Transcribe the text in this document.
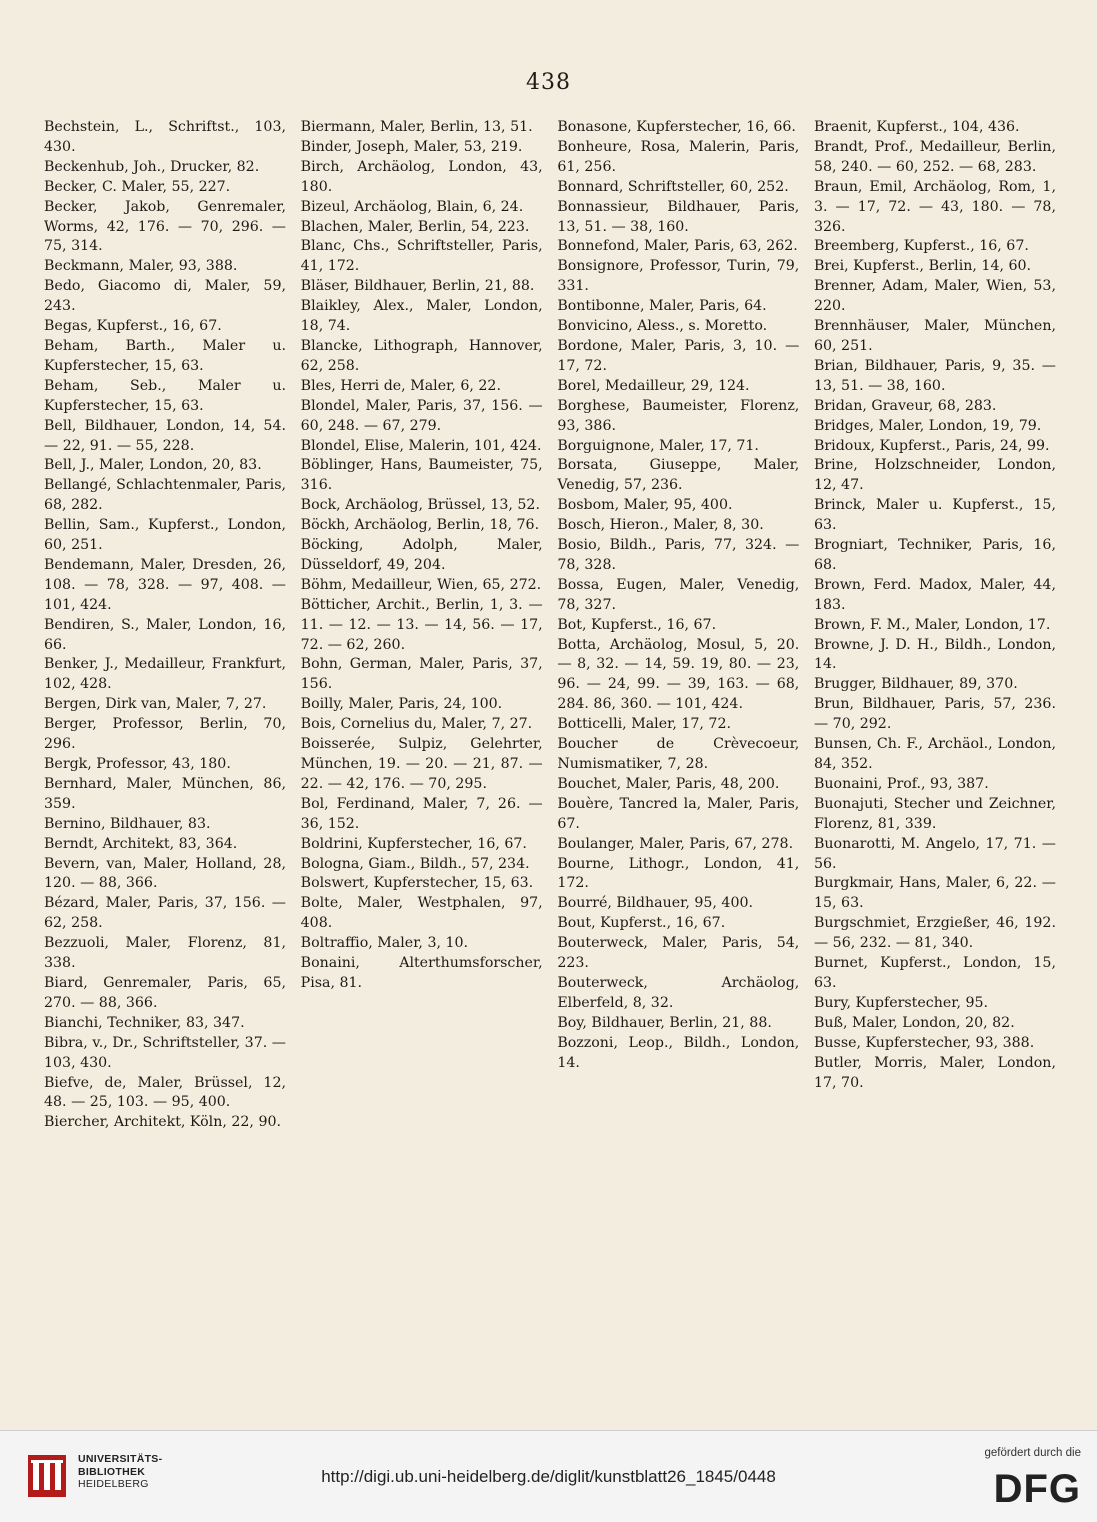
438
Bechstein, L., Schriftst., 103, 430.
Beckenhub, Joh., Drucker, 82.
Becker, C. Maler, 55, 227.
Becker, Jakob, Genremaler, Worms, 42, 176. — 70, 296. — 75, 314.
Beckmann, Maler, 93, 388.
Bedo, Giacomo di, Maler, 59, 243.
Begas, Kupferst., 16, 67.
Beham, Barth., Maler u. Kupferstecher, 15, 63.
Beham, Seb., Maler u. Kupferstecher, 15, 63.
Bell, Bildhauer, London, 14, 54. — 22, 91. — 55, 228.
Bell, J., Maler, London, 20, 83.
Bellangé, Schlachtenmaler, Paris, 68, 282.
Bellin, Sam., Kupferst., London, 60, 251.
Bendemann, Maler, Dresden, 26, 108. — 78, 328. — 97, 408. — 101, 424.
Bendiren, S., Maler, London, 16, 66.
Benker, J., Medailleur, Frankfurt, 102, 428.
Bergen, Dirk van, Maler, 7, 27.
Berger, Professor, Berlin, 70, 296.
Bergk, Professor, 43, 180.
Bernhard, Maler, München, 86, 359.
Bernino, Bildhauer, 83.
Berndt, Architekt, 83, 364.
Bevern, van, Maler, Holland, 28, 120. — 88, 366.
Bézard, Maler, Paris, 37, 156. — 62, 258.
Bezzuoli, Maler, Florenz, 81, 338.
Biard, Genremaler, Paris, 65, 270. — 88, 366.
Bianchi, Techniker, 83, 347.
Bibra, v., Dr., Schriftsteller, 37. — 103, 430.
Biefve, de, Maler, Brüssel, 12, 48. — 25, 103. — 95, 400.
Biercher, Architekt, Köln, 22, 90.
Biermann, Maler, Berlin, 13, 51.
Binder, Joseph, Maler, 53, 219.
Birch, Archäolog, London, 43, 180.
Bizeul, Archäolog, Blain, 6, 24.
Blachen, Maler, Berlin, 54, 223.
Blanc, Chs., Schriftsteller, Paris, 41, 172.
Bläser, Bildhauer, Berlin, 21, 88.
Blaikley, Alex., Maler, London, 18, 74.
Blancke, Lithograph, Hannover, 62, 258.
Bles, Herri de, Maler, 6, 22.
Blondel, Maler, Paris, 37, 156. — 60, 248. — 67, 279.
Blondel, Elise, Malerin, 101, 424.
Böblinger, Hans, Baumeister, 75, 316.
Bock, Archäolog, Brüssel, 13, 52.
Böckh, Archäolog, Berlin, 18, 76.
Böcking, Adolph, Maler, Düsseldorf, 49, 204.
Böhm, Medailleur, Wien, 65, 272.
Bötticher, Archit., Berlin, 1, 3. — 11. — 12. — 13. — 14, 56. — 17, 72. — 62, 260.
Bohn, German, Maler, Paris, 37, 156.
Boilly, Maler, Paris, 24, 100.
Bois, Cornelius du, Maler, 7, 27.
Boisserée, Sulpiz, Gelehrter, München, 19. — 20. — 21, 87. — 22. — 42, 176. — 70, 295.
Bol, Ferdinand, Maler, 7, 26. — 36, 152.
Boldrini, Kupferstecher, 16, 67.
Bologna, Giam., Bildh., 57, 234.
Bolswert, Kupferstecher, 15, 63.
Bolte, Maler, Westphalen, 97, 408.
Boltraffio, Maler, 3, 10.
Bonaini, Alterthumsforscher, Pisa, 81.
Bonasone, Kupferstecher, 16, 66.
Bonheure, Rosa, Malerin, Paris, 61, 256.
Bonnard, Schriftsteller, 60, 252.
Bonnassieur, Bildhauer, Paris, 13, 51. — 38, 160.
Bonnefond, Maler, Paris, 63, 262.
Bonsignore, Professor, Turin, 79, 331.
Bontibonne, Maler, Paris, 64.
Bonvicino, Aless., s. Moretto.
Bordone, Maler, Paris, 3, 10. — 17, 72.
Borel, Medailleur, 29, 124.
Borghese, Baumeister, Florenz, 93, 386.
Borguignone, Maler, 17, 71.
Borsata, Giuseppe, Maler, Venedig, 57, 236.
Bosbom, Maler, 95, 400.
Bosch, Hieron., Maler, 8, 30.
Bosio, Bildh., Paris, 77, 324. — 78, 328.
Bossa, Eugen, Maler, Venedig, 78, 327.
Bot, Kupferst., 16, 67.
Botta, Archäolog, Mosul, 5, 20. — 8, 32. — 14, 59. 19, 80. — 23, 96. — 24, 99. — 39, 163. — 68, 284. 86, 360. — 101, 424.
Botticelli, Maler, 17, 72.
Boucher de Crèvecoeur, Numismatiker, 7, 28.
Bouchet, Maler, Paris, 48, 200.
Bouère, Tancred la, Maler, Paris, 67.
Boulanger, Maler, Paris, 67, 278.
Bourne, Lithogr., London, 41, 172.
Bourré, Bildhauer, 95, 400.
Bout, Kupferst., 16, 67.
Bouterweck, Maler, Paris, 54, 223.
Bouterweck, Archäolog, Elberfeld, 8, 32.
Boy, Bildhauer, Berlin, 21, 88.
Bozzoni, Leop., Bildh., London, 14.
Braenit, Kupferst., 104, 436.
Brandt, Prof., Medailleur, Berlin, 58, 240. — 60, 252. — 68, 283.
Braun, Emil, Archäolog, Rom, 1, 3. — 17, 72. — 43, 180. — 78, 326.
Breemberg, Kupferst., 16, 67.
Brei, Kupferst., Berlin, 14, 60.
Brenner, Adam, Maler, Wien, 53, 220.
Brennhäuser, Maler, München, 60, 251.
Brian, Bildhauer, Paris, 9, 35. — 13, 51. — 38, 160.
Bridan, Graveur, 68, 283.
Bridges, Maler, London, 19, 79.
Bridoux, Kupferst., Paris, 24, 99.
Brine, Holzschneider, London, 12, 47.
Brinck, Maler u. Kupferst., 15, 63.
Brogniart, Techniker, Paris, 16, 68.
Brown, Ferd. Madox, Maler, 44, 183.
Brown, F. M., Maler, London, 17.
Browne, J. D. H., Bildh., London, 14.
Brugger, Bildhauer, 89, 370.
Brun, Bildhauer, Paris, 57, 236. — 70, 292.
Bunsen, Ch. F., Archäol., London, 84, 352.
Buonaini, Prof., 93, 387.
Buonajuti, Stecher und Zeichner, Florenz, 81, 339.
Buonarotti, M. Angelo, 17, 71. — 56.
Burgkmair, Hans, Maler, 6, 22. — 15, 63.
Burgschmiet, Erzgießer, 46, 192. — 56, 232. — 81, 340.
Burnet, Kupferst., London, 15, 63.
Bury, Kupferstecher, 95.
Buß, Maler, London, 20, 82.
Busse, Kupferstecher, 93, 388.
Butler, Morris, Maler, London, 17, 70.
UNIVERSITÄTS-
BIBLIOTHEK
HEIDELBERG	http://digi.ub.uni-heidelberg.de/diglit/kunstblatt26_1845/0448
gefördert durch die
DFG
